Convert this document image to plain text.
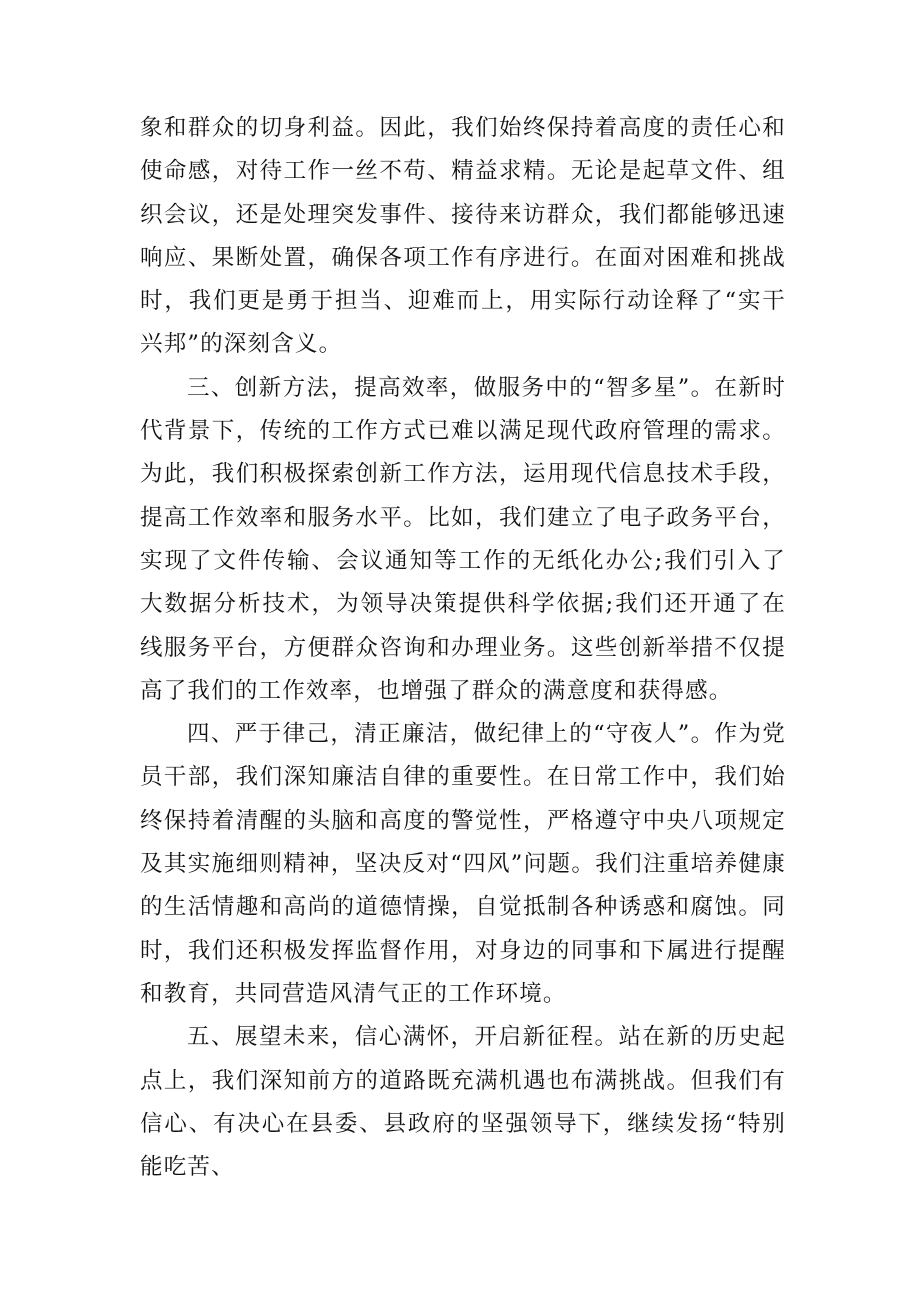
象和群众的切身利益。因此，我们始终保持着高度的责任心和使命感，对待工作一丝不苟、精益求精。无论是起草文件、组织会议，还是处理突发事件、接待来访群众，我们都能够迅速响应、果断处置，确保各项工作有序进行。在面对困难和挑战时，我们更是勇于担当、迎难而上，用实际行动诠释了“实干兴邦”的深刻含义。

三、创新方法，提高效率，做服务中的“智多星”。在新时代背景下，传统的工作方式已难以满足现代政府管理的需求。为此，我们积极探索创新工作方法，运用现代信息技术手段，提高工作效率和服务水平。比如，我们建立了电子政务平台，实现了文件传输、会议通知等工作的无纸化办公;我们引入了大数据分析技术，为领导决策提供科学依据;我们还开通了在线服务平台，方便群众咨询和办理业务。这些创新举措不仅提高了我们的工作效率，也增强了群众的满意度和获得感。

四、严于律己，清正廉洁，做纪律上的“守夜人”。作为党员干部，我们深知廉洁自律的重要性。在日常工作中，我们始终保持着清醒的头脑和高度的警觉性，严格遵守中央八项规定及其实施细则精神，坚决反对“四风”问题。我们注重培养健康的生活情趣和高尚的道德情操，自觉抵制各种诱惑和腐蚀。同时，我们还积极发挥监督作用，对身边的同事和下属进行提醒和教育，共同营造风清气正的工作环境。

五、展望未来，信心满怀，开启新征程。站在新的历史起点上，我们深知前方的道路既充满机遇也布满挑战。但我们有信心、有决心在县委、县政府的坚强领导下，继续发扬“特别能吃苦、
